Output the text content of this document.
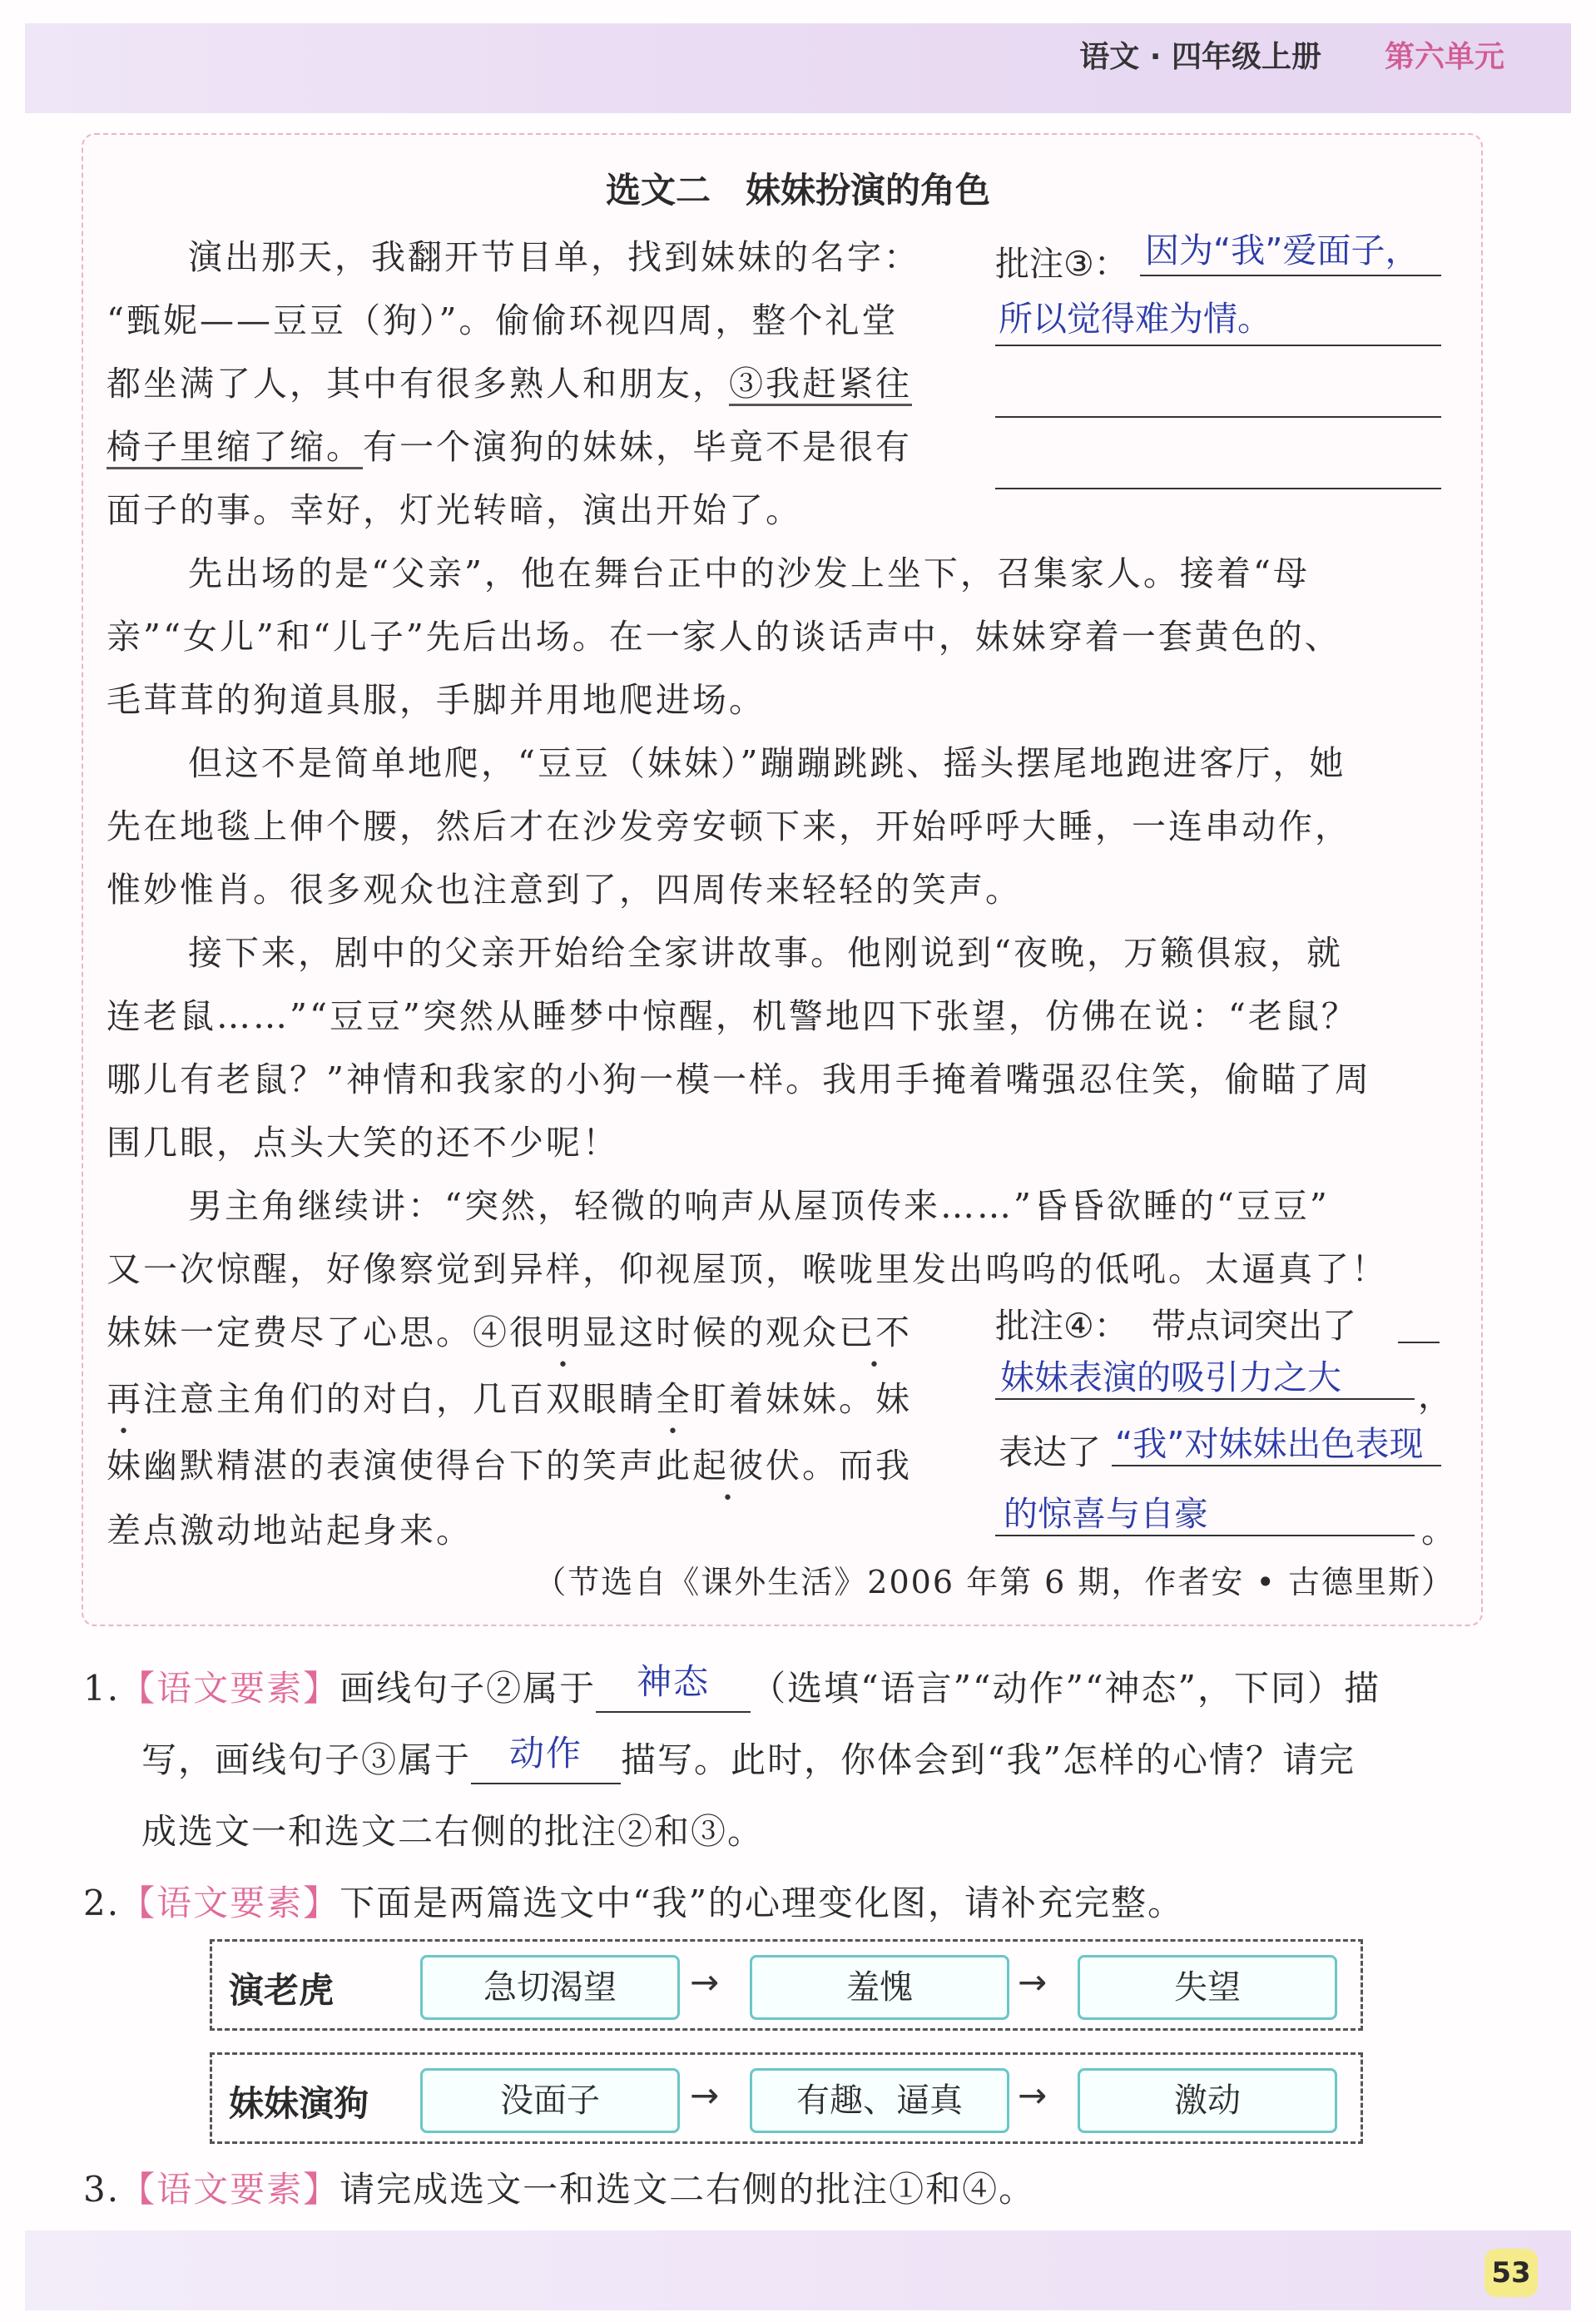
语文 · 四年级上册 第六单元
选文二　妹妹扮演的角色
演出那天，我翻开节目单，找到妹妹的名字：
“甄妮——豆豆（狗）”。偷偷环视四周，整个礼堂
都坐满了人，其中有很多熟人和朋友，③我赶紧往
椅子里缩了缩。有一个演狗的妹妹，毕竟不是很有
面子的事。幸好，灯光转暗，演出开始了。
批注③： 因为“我”爱面子，
所以觉得难为情。
先出场的是“父亲”，他在舞台正中的沙发上坐下，召集家人。接着“母
亲”“女儿”和“儿子”先后出场。在一家人的谈话声中，妹妹穿着一套黄色的、
毛茸茸的狗道具服，手脚并用地爬进场。
但这不是简单地爬，“豆豆（妹妹）”蹦蹦跳跳、摇头摆尾地跑进客厅，她
先在地毯上伸个腰，然后才在沙发旁安顿下来，开始呼呼大睡，一连串动作，
惟妙惟肖。很多观众也注意到了，四周传来轻轻的笑声。
接下来，剧中的父亲开始给全家讲故事。他刚说到“夜晚，万籁俱寂，就
连老鼠……”“豆豆”突然从睡梦中惊醒，机警地四下张望，仿佛在说：“老鼠？
哪儿有老鼠？”神情和我家的小狗一模一样。我用手掩着嘴强忍住笑，偷瞄了周
围几眼，点头大笑的还不少呢！
男主角继续讲：“突然，轻微的响声从屋顶传来……”昏昏欲睡的“豆豆”
又一次惊醒，好像察觉到异样，仰视屋顶，喉咙里发出呜呜的低吼。太逼真了！
妹妹一定费尽了心思。④很明显这时候的观众已不
再注意主角们的对白，几百双眼睛全盯着妹妹。妹
妹幽默精湛的表演使得台下的笑声此起彼伏。而我
差点激动地站起身来。
批注④： 带点词突出了
妹妹表演的吸引力之大 ，
表达了 “我”对妹妹出色表现
的惊喜与自豪	。
（节选自《课外生活》2006 年第 6 期，作者安 • 古德里斯）
1.【语文要素】画线句子②属于 神态 （选填“语言”“动作”“神态”，下同）描
写，画线句子③属于 动作 描写。此时，你体会到“我”怎样的心情？请完
成选文一和选文二右侧的批注②和③。
2.【语文要素】下面是两篇选文中“我”的心理变化图，请补充完整。
演老虎	急切渴望	→	羞愧	→	失望
妹妹演狗	没面子	→	有趣、逼真	→	激动
3.【语文要素】请完成选文一和选文二右侧的批注①和④。
53
